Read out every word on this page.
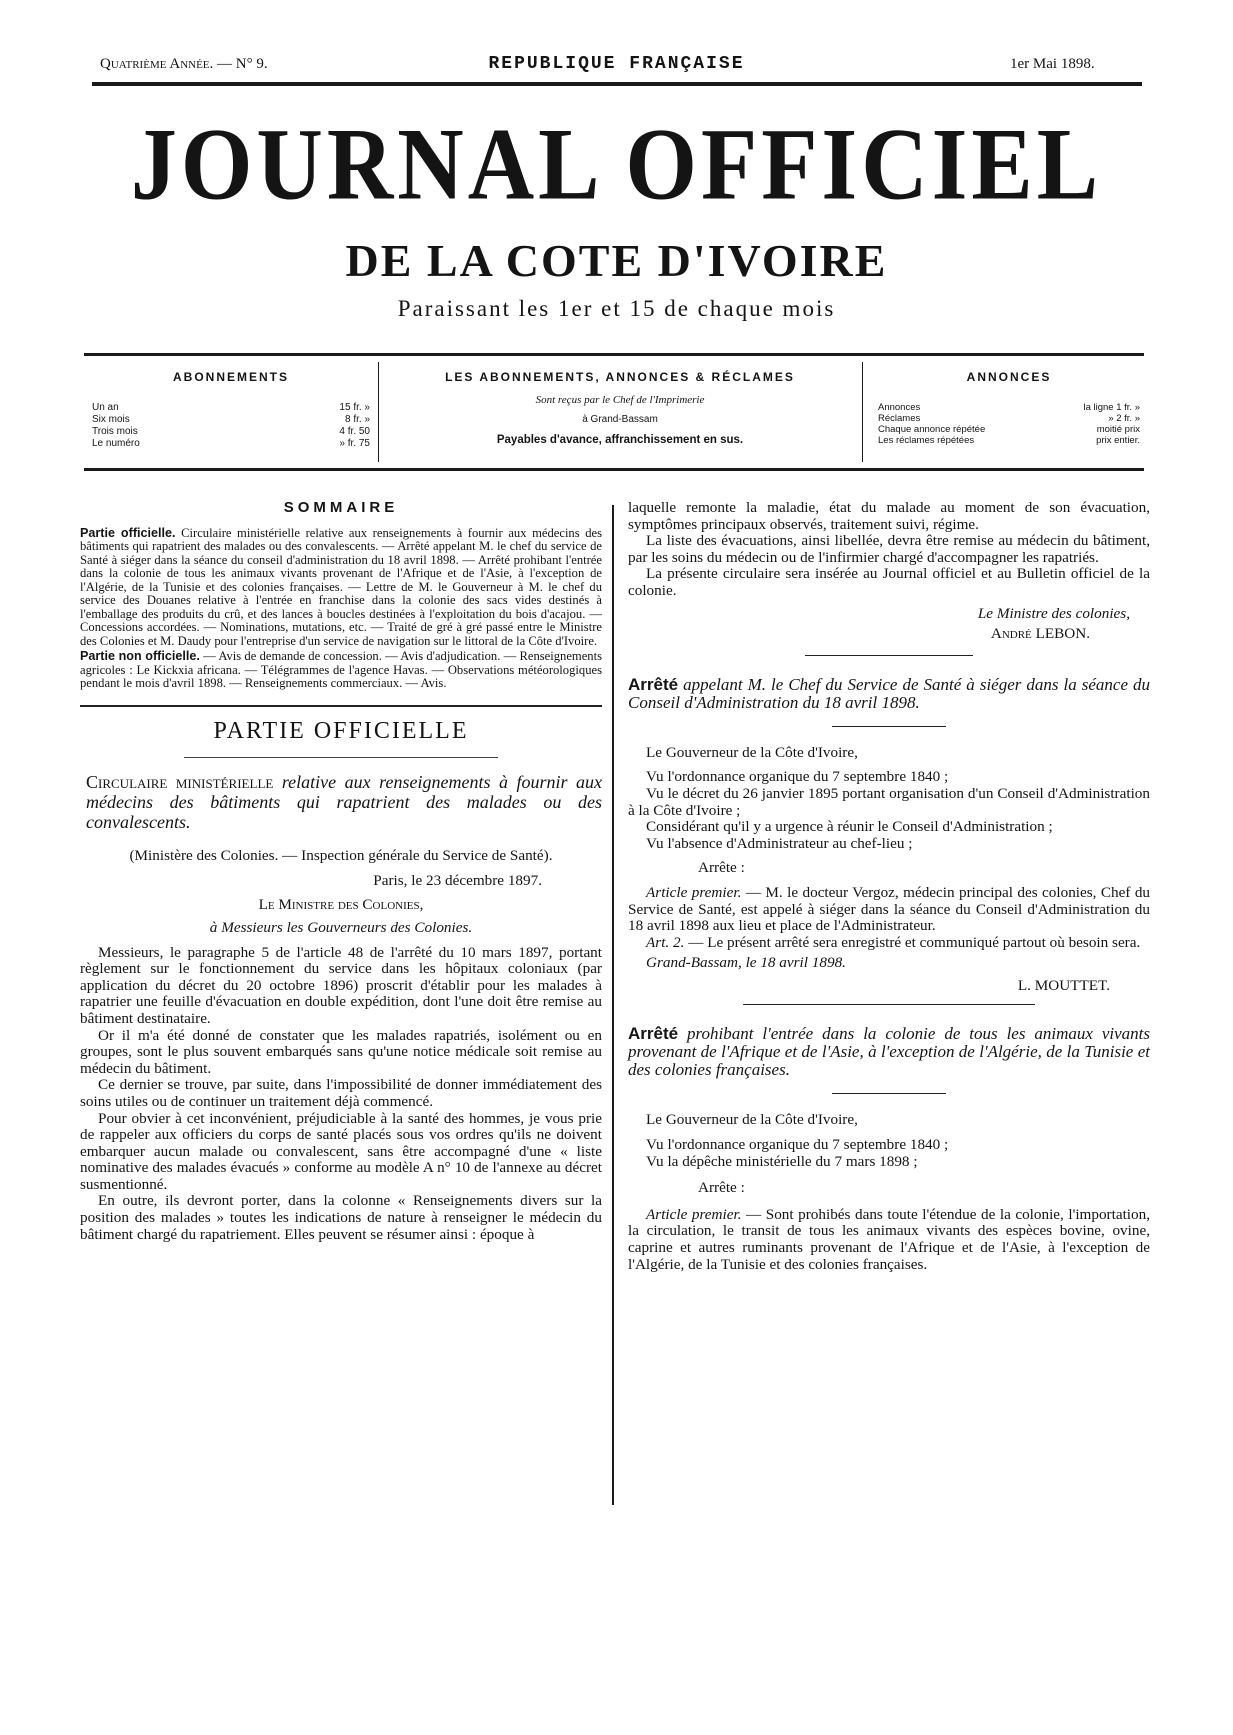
Quatrième Année. — N° 9.	REPUBLIQUE FRANÇAISE	1er Mai 1898.
JOURNAL OFFICIEL
DE LA COTE D'IVOIRE
Paraissant les 1er et 15 de chaque mois
ABONNEMENTS
Un an	15 fr. »
Six mois	8 fr. »
Trois mois	4 fr. 50
Le numéro	» fr. 75
LES ABONNEMENTS, ANNONCES & RÉCLAMES
Sont reçus par le Chef de l'Imprimerie
à Grand-Bassam
Payables d'avance, affranchissement en sus.
ANNONCES
Annonces	la ligne 1 fr. »
Réclames	» 2 fr. »
Chaque annonce répétée	moitié prix
Les réclames répétées	prix entier.
SOMMAIRE

Partie officielle. Circulaire ministérielle relative aux renseignements à fournir aux médecins des bâtiments qui rapatrient des malades ou des convalescents. — Arrêté appelant M. le chef du service de Santé à siéger dans la séance du conseil d'administration du 18 avril 1898. — Arrêté prohibant l'entrée dans la colonie de tous les animaux vivants provenant de l'Afrique et de l'Asie, à l'exception de l'Algérie, de la Tunisie et des colonies françaises. — Lettre de M. le Gouverneur à M. le chef du service des Douanes relative à l'entrée en franchise dans la colonie des sacs vides destinés à l'emballage des produits du crû, et des lances à boucles destinées à l'exploitation du bois d'acajou. — Concessions accordées. — Nominations, mutations, etc. — Traité de gré à gré passé entre le Ministre des Colonies et M. Daudy pour l'entreprise d'un service de navigation sur le littoral de la Côte d'Ivoire.

Partie non officielle. — Avis de demande de concession. — Avis d'adjudication. — Renseignements agricoles : Le Kickxia africana. — Télégrammes de l'agence Havas. — Observations météorologiques pendant le mois d'avril 1898. — Renseignements commerciaux. — Avis.

PARTIE OFFICIELLE

Circulaire ministérielle relative aux renseignements à fournir aux médecins des bâtiments qui rapatrient des malades ou des convalescents.

(Ministère des Colonies. — Inspection générale du Service de Santé).

Paris, le 23 décembre 1897.

Le Ministre des Colonies,

à Messieurs les Gouverneurs des Colonies.

Messieurs, le paragraphe 5 de l'article 48 de l'arrêté du 10 mars 1897, portant règlement sur le fonctionnement du service dans les hôpitaux coloniaux (par application du décret du 20 octobre 1896) proscrit d'établir pour les malades à rapatrier une feuille d'évacuation en double expédition, dont l'une doit être remise au bâtiment destinataire.

Or il m'a été donné de constater que les malades rapatriés, isolément ou en groupes, sont le plus souvent embarqués sans qu'une notice médicale soit remise au médecin du bâtiment.

Ce dernier se trouve, par suite, dans l'impossibilité de donner immédiatement des soins utiles ou de continuer un traitement déjà commencé.

Pour obvier à cet inconvénient, préjudiciable à la santé des hommes, je vous prie de rappeler aux officiers du corps de santé placés sous vos ordres qu'ils ne doivent embarquer aucun malade ou convalescent, sans être accompagné d'une « liste nominative des malades évacués » conforme au modèle A n° 10 de l'annexe au décret susmentionné.

En outre, ils devront porter, dans la colonne « Renseignements divers sur la position des malades » toutes les indications de nature à renseigner le médecin du bâtiment chargé du rapatriement. Elles peuvent se résumer ainsi : époque à

laquelle remonte la maladie, état du malade au moment de son évacuation, symptômes principaux observés, traitement suivi, régime.

La liste des évacuations, ainsi libellée, devra être remise au médecin du bâtiment, par les soins du médecin ou de l'infirmier chargé d'accompagner les rapatriés.

La présente circulaire sera insérée au Journal officiel et au Bulletin officiel de la colonie.

Le Ministre des colonies,

André LEBON.

Arrêté appelant M. le Chef du Service de Santé à siéger dans la séance du Conseil d'Administration du 18 avril 1898.

Le Gouverneur de la Côte d'Ivoire,

Vu l'ordonnance organique du 7 septembre 1840 ;

Vu le décret du 26 janvier 1895 portant organisation d'un Conseil d'Administration à la Côte d'Ivoire ;

Considérant qu'il y a urgence à réunir le Conseil d'Administration ;

Vu l'absence d'Administrateur au chef-lieu ;

Arrête :

Article premier. — M. le docteur Vergoz, médecin principal des colonies, Chef du Service de Santé, est appelé à siéger dans la séance du Conseil d'Administration du 18 avril 1898 aux lieu et place de l'Administrateur.

Art. 2. — Le présent arrêté sera enregistré et communiqué partout où besoin sera.

Grand-Bassam, le 18 avril 1898.

L. MOUTTET.

Arrêté prohibant l'entrée dans la colonie de tous les animaux vivants provenant de l'Afrique et de l'Asie, à l'exception de l'Algérie, de la Tunisie et des colonies françaises.

Le Gouverneur de la Côte d'Ivoire,

Vu l'ordonnance organique du 7 septembre 1840 ;

Vu la dépêche ministérielle du 7 mars 1898 ;

Arrête :

Article premier. — Sont prohibés dans toute l'étendue de la colonie, l'importation, la circulation, le transit de tous les animaux vivants des espèces bovine, ovine, caprine et autres ruminants provenant de l'Afrique et de l'Asie, à l'exception de l'Algérie, de la Tunisie et des colonies françaises.
